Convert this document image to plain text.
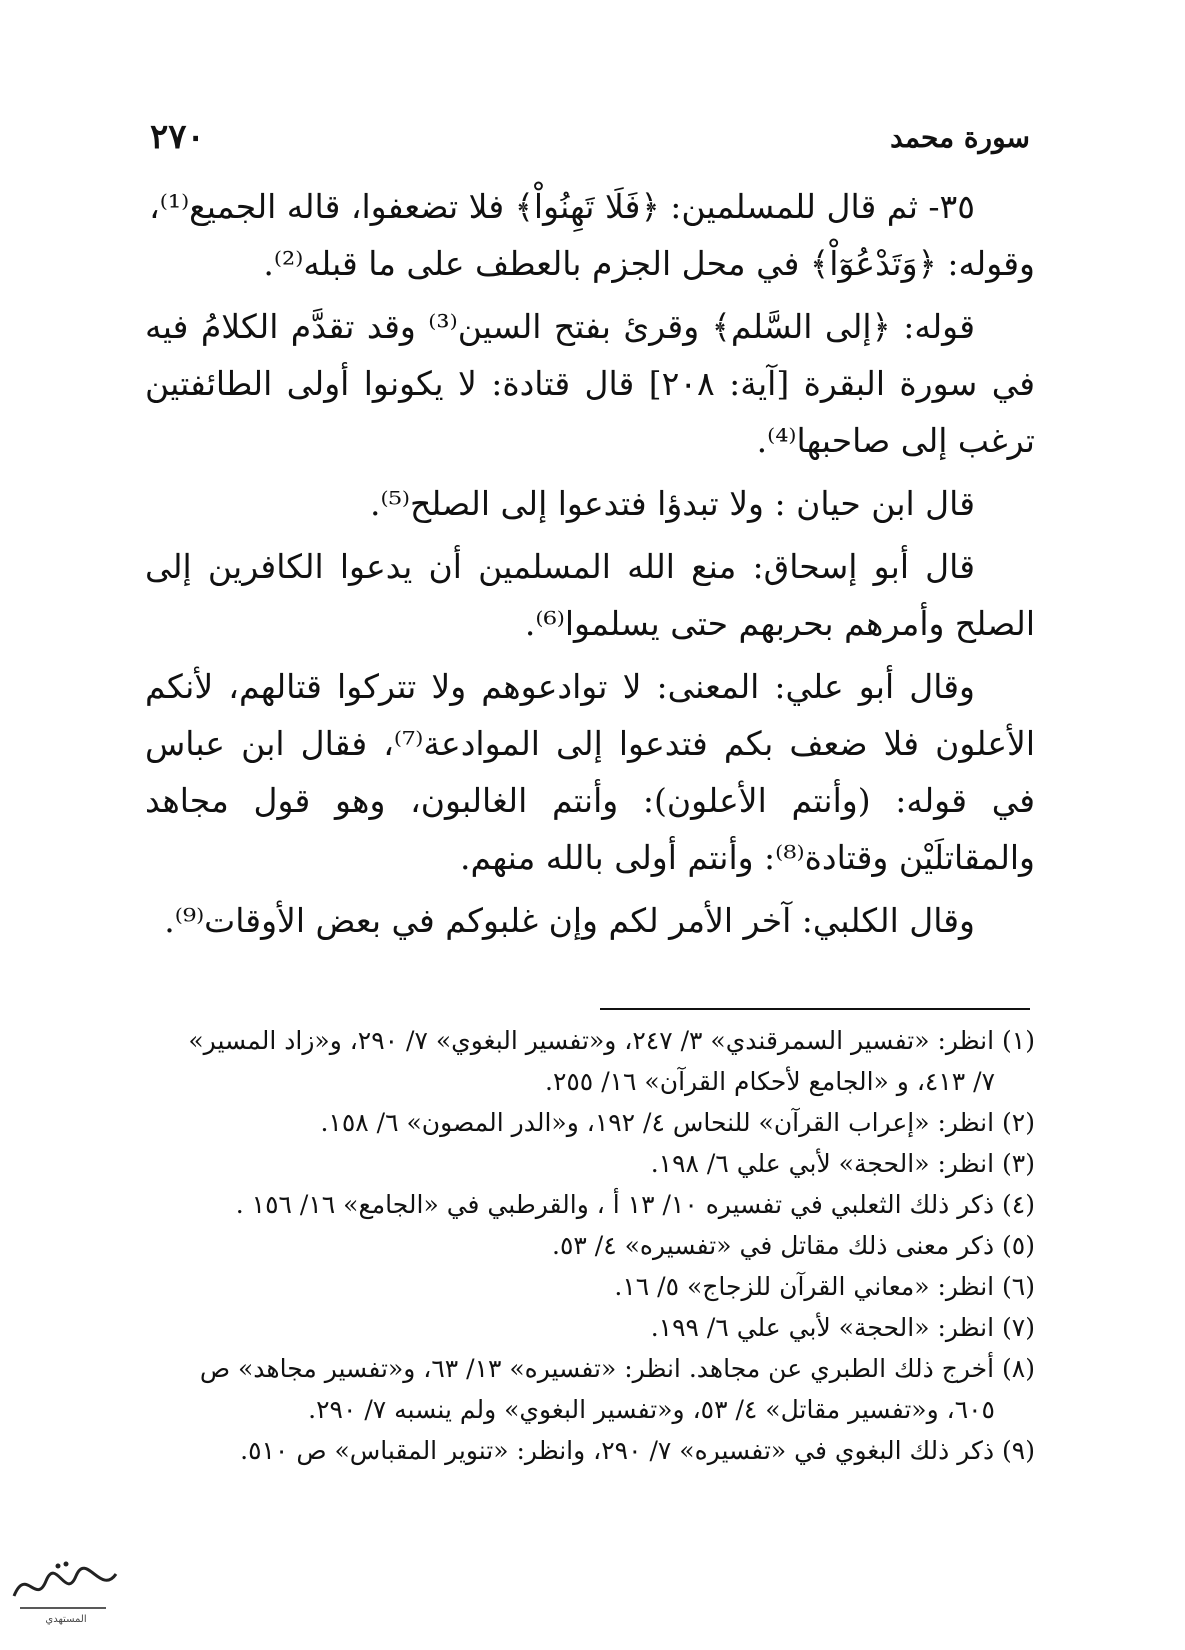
٢٧٠	سورة محمد

٣٥- ثم قال للمسلمين: ﴿فَلَا تَهِنُواْ﴾ فلا تضعفوا، قاله الجميع⁽¹⁾،
وقوله: ﴿وَتَدْعُوٓاْ﴾ في محل الجزم بالعطف على ما قبله⁽²⁾.

قوله: ﴿إلى السَّلم﴾ وقرئ بفتح السين⁽³⁾ وقد تقدَّم الكلامُ فيه في سورة البقرة [آية: ٢٠٨] قال قتادة: لا يكونوا أولى الطائفتين ترغب إلى صاحبها⁽⁴⁾.

قال ابن حيان : ولا تبدؤا فتدعوا إلى الصلح⁽⁵⁾.

قال أبو إسحاق: منع الله المسلمين أن يدعوا الكافرين إلى الصلح وأمرهم بحربهم حتى يسلموا⁽⁶⁾.

وقال أبو علي: المعنى: لا توادعوهم ولا تتركوا قتالهم، لأنكم الأعلون فلا ضعف بكم فتدعوا إلى الموادعة⁽⁷⁾، فقال ابن عباس في قوله: (وأنتم الأعلون): وأنتم الغالبون، وهو قول مجاهد والمقاتلَيْن وقتادة⁽⁸⁾: وأنتم أولى بالله منهم.

وقال الكلبي: آخر الأمر لكم وإن غلبوكم في بعض الأوقات⁽⁹⁾.

(١) انظر: «تفسير السمرقندي» ٣/ ٢٤٧، و«تفسير البغوي» ٧/ ٢٩٠، و«زاد المسير»

٧/ ٤١٣، و «الجامع لأحكام القرآن» ١٦/ ٢٥٥.

(٢) انظر: «إعراب القرآن» للنحاس ٤/ ١٩٢، و«الدر المصون» ٦/ ١٥٨.

(٣) انظر: «الحجة» لأبي علي ٦/ ١٩٨.

(٤) ذكر ذلك الثعلبي في تفسيره ١٠/ ١٣ أ ، والقرطبي في «الجامع» ١٦/ ١٥٦ .

(٥) ذكر معنى ذلك مقاتل في «تفسيره» ٤/ ٥٣.

(٦) انظر: «معاني القرآن للزجاج» ٥/ ١٦.

(٧) انظر: «الحجة» لأبي علي ٦/ ١٩٩.

(٨) أخرج ذلك الطبري عن مجاهد. انظر: «تفسيره» ١٣/ ٦٣، و«تفسير مجاهد» ص

٦٠٥، و«تفسير مقاتل» ٤/ ٥٣، و«تفسير البغوي» ولم ينسبه ٧/ ٢٩٠.

(٩) ذكر ذلك البغوي في «تفسيره» ٧/ ٢٩٠، وانظر: «تنوير المقباس» ص ٥١٠.

المستهدي
